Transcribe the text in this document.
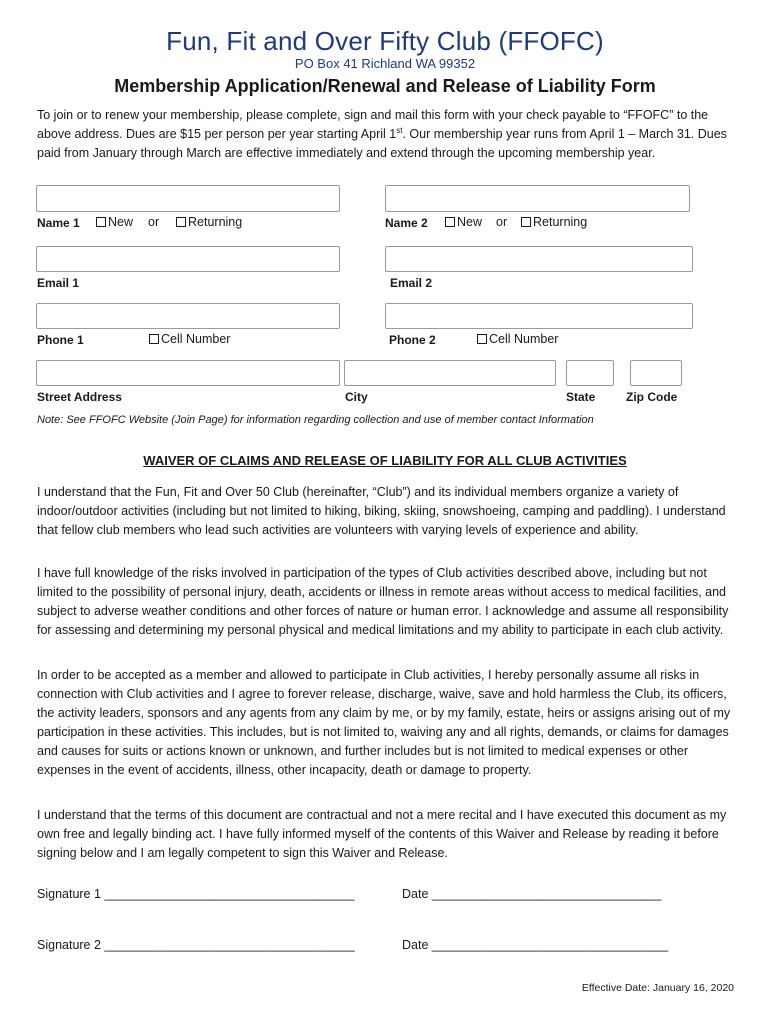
Fun, Fit and Over Fifty Club (FFOFC)
PO Box 41 Richland WA 99352
Membership Application/Renewal and Release of Liability Form
To join or to renew your membership, please complete, sign and mail this form with your check payable to “FFOFC” to the above address. Dues are $15 per person per year starting April 1st. Our membership year runs from April 1 – March 31. Dues paid from January through March are effective immediately and extend through the upcoming membership year.
Name 1 New or Returning	Name 2 New or Returning
Email 1	Email 2
Phone 1	Cell Number	Phone 2	Cell Number
Street Address	City	State	Zip Code
Note: See FFOFC Website (Join Page) for information regarding collection and use of member contact Information
WAIVER OF CLAIMS AND RELEASE OF LIABILITY FOR ALL CLUB ACTIVITIES
I understand that the Fun, Fit and Over 50 Club (hereinafter, “Club”) and its individual members organize a variety of indoor/outdoor activities (including but not limited to hiking, biking, skiing, snowshoeing, camping and paddling). I understand that fellow club members who lead such activities are volunteers with varying levels of experience and ability.
I have full knowledge of the risks involved in participation of the types of Club activities described above, including but not limited to the possibility of personal injury, death, accidents or illness in remote areas without access to medical facilities, and subject to adverse weather conditions and other forces of nature or human error. I acknowledge and assume all responsibility for assessing and determining my personal physical and medical limitations and my ability to participate in each club activity.
In order to be accepted as a member and allowed to participate in Club activities, I hereby personally assume all risks in connection with Club activities and I agree to forever release, discharge, waive, save and hold harmless the Club, its officers, the activity leaders, sponsors and any agents from any claim by me, or by my family, estate, heirs or assigns arising out of my participation in these activities. This includes, but is not limited to, waiving any and all rights, demands, or claims for damages and causes for suits or actions known or unknown, and further includes but is not limited to medical expenses or other expenses in the event of accidents, illness, other incapacity, death or damage to property.
I understand that the terms of this document are contractual and not a mere recital and I have executed this document as my own free and legally binding act. I have fully informed myself of the contents of this Waiver and Release by reading it before signing below and I am legally competent to sign this Waiver and Release.
Signature 1 ____________________________________	Date _________________________________
Signature 2 ____________________________________	Date __________________________________
Effective Date: January 16, 2020
